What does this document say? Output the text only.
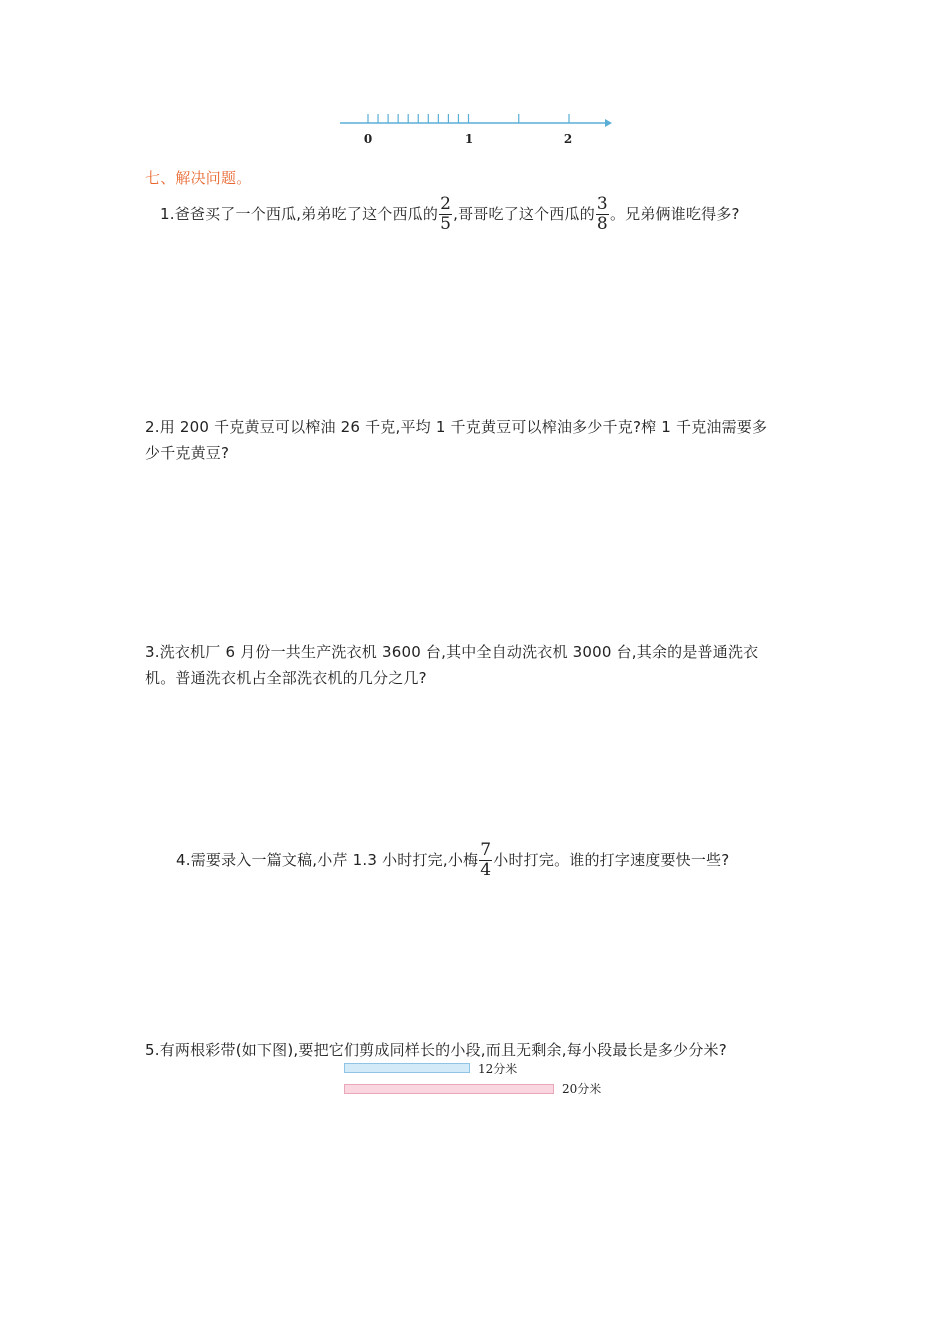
0	1	2
七、解决问题。
1.爸爸买了一个西瓜,弟弟吃了这个西瓜的 $\frac{2}{5}$ ,哥哥吃了这个西瓜的 $\frac{3}{8}$ 。兄弟俩谁吃得多?
2.用 200 千克黄豆可以榨油 26 千克,平均 1 千克黄豆可以榨油多少千克?榨 1 千克油需要多
少千克黄豆?
3.洗衣机厂 6 月份一共生产洗衣机 3600 台,其中全自动洗衣机 3000 台,其余的是普通洗衣
机。普通洗衣机占全部洗衣机的几分之几?
4.需要录入一篇文稿,小芹 1.3 小时打完,小梅 $\frac{7}{4}$ 小时打完。谁的打字速度要快一些?
5.有两根彩带(如下图),要把它们剪成同样长的小段,而且无剩余,每小段最长是多少分米?
12分米
20分米
